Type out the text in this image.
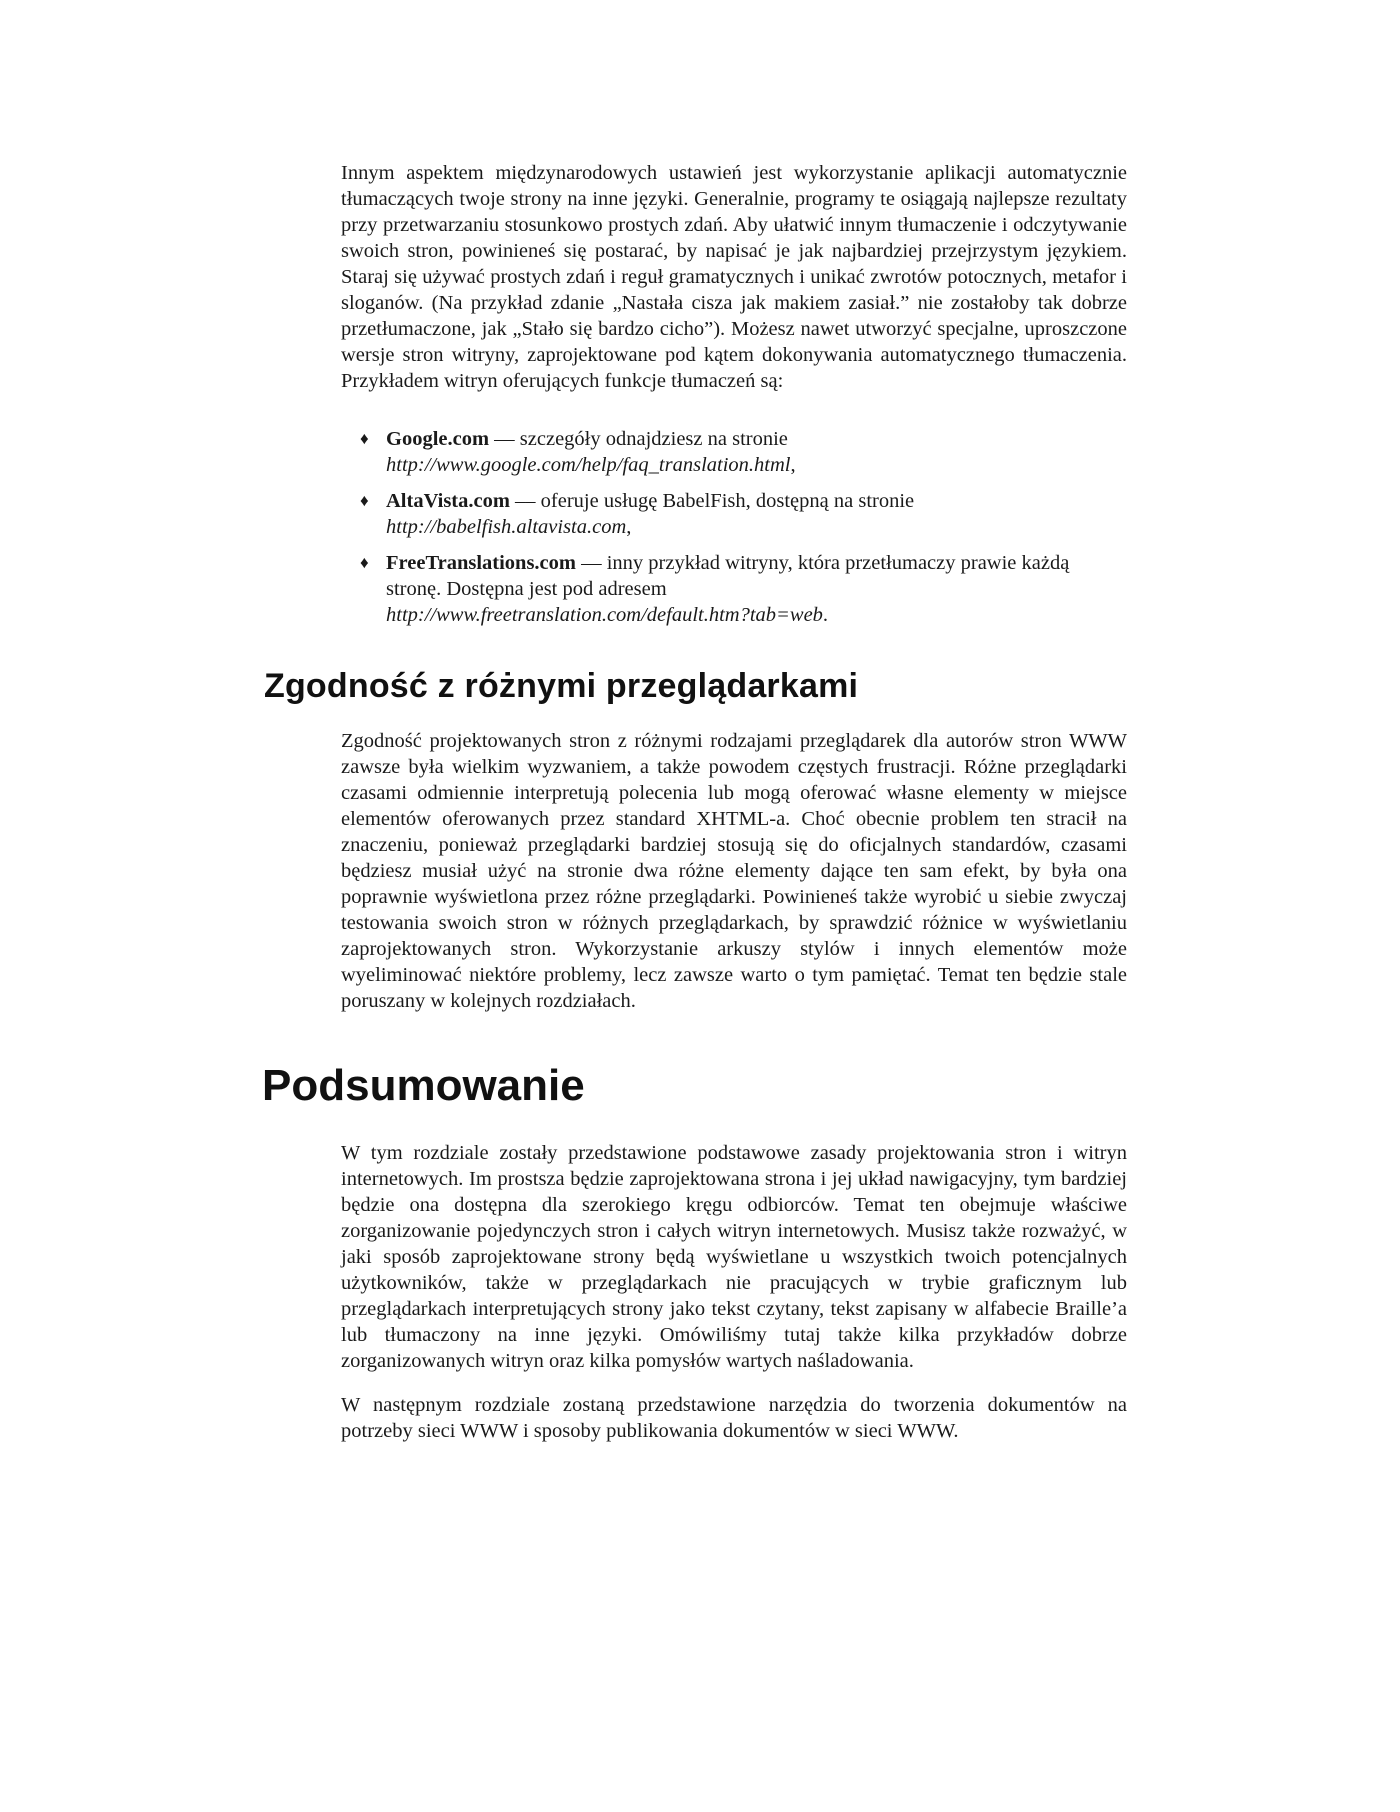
Innym aspektem międzynarodowych ustawień jest wykorzystanie aplikacji automatycznie tłumaczących twoje strony na inne języki. Generalnie, programy te osiągają najlepsze rezultaty przy przetwarzaniu stosunkowo prostych zdań. Aby ułatwić innym tłumaczenie i odczytywanie swoich stron, powinieneś się postarać, by napisać je jak najbardziej przejrzystym językiem. Staraj się używać prostych zdań i reguł gramatycznych i unikać zwrotów potocznych, metafor i sloganów. (Na przykład zdanie „Nastała cisza jak makiem zasiał.” nie zostałoby tak dobrze przetłumaczone, jak „Stało się bardzo cicho”). Możesz nawet utworzyć specjalne, uproszczone wersje stron witryny, zaprojektowane pod kątem dokonywania automatycznego tłumaczenia. Przykładem witryn oferujących funkcje tłumaczeń są:

♦ Google.com — szczegóły odnajdziesz na stronie
http://www.google.com/help/faq_translation.html,
♦ AltaVista.com –– oferuje usługę BabelFish, dostępną na stronie
http://babelfish.altavista.com,
♦ FreeTranslations.com — inny przykład witryny, która przetłumaczy prawie każdą stronę. Dostępna jest pod adresem
http://www.freetranslation.com/default.htm?tab=web.
Zgodność z różnymi przeglądarkami

Zgodność projektowanych stron z różnymi rodzajami przeglądarek dla autorów stron WWW zawsze była wielkim wyzwaniem, a także powodem częstych frustracji. Różne przeglądarki czasami odmiennie interpretują polecenia lub mogą oferować własne elementy w miejsce elementów oferowanych przez standard XHTML-a. Choć obecnie problem ten stracił na znaczeniu, ponieważ przeglądarki bardziej stosują się do oficjalnych standardów, czasami będziesz musiał użyć na stronie dwa różne elementy dające ten sam efekt, by była ona poprawnie wyświetlona przez różne przeglądarki. Powinieneś także wyrobić u siebie zwyczaj testowania swoich stron w różnych przeglądarkach, by sprawdzić różnice w wyświetlaniu zaprojektowanych stron. Wykorzystanie arkuszy stylów i innych elementów może wyeliminować niektóre problemy, lecz zawsze warto o tym pamiętać. Temat ten będzie stale poruszany w kolejnych rozdziałach.

Podsumowanie

W tym rozdziale zostały przedstawione podstawowe zasady projektowania stron i witryn internetowych. Im prostsza będzie zaprojektowana strona i jej układ nawigacyjny, tym bardziej będzie ona dostępna dla szerokiego kręgu odbiorców. Temat ten obejmuje właściwe zorganizowanie pojedynczych stron i całych witryn internetowych. Musisz także rozważyć, w jaki sposób zaprojektowane strony będą wyświetlane u wszystkich twoich potencjalnych użytkowników, także w przeglądarkach nie pracujących w trybie graficznym lub przeglądarkach interpretujących strony jako tekst czytany, tekst zapisany w alfabecie Braille’a lub tłumaczony na inne języki. Omówiliśmy tutaj także kilka przykładów dobrze zorganizowanych witryn oraz kilka pomysłów wartych naśladowania.

W następnym rozdziale zostaną przedstawione narzędzia do tworzenia dokumentów na potrzeby sieci WWW i sposoby publikowania dokumentów w sieci WWW.
